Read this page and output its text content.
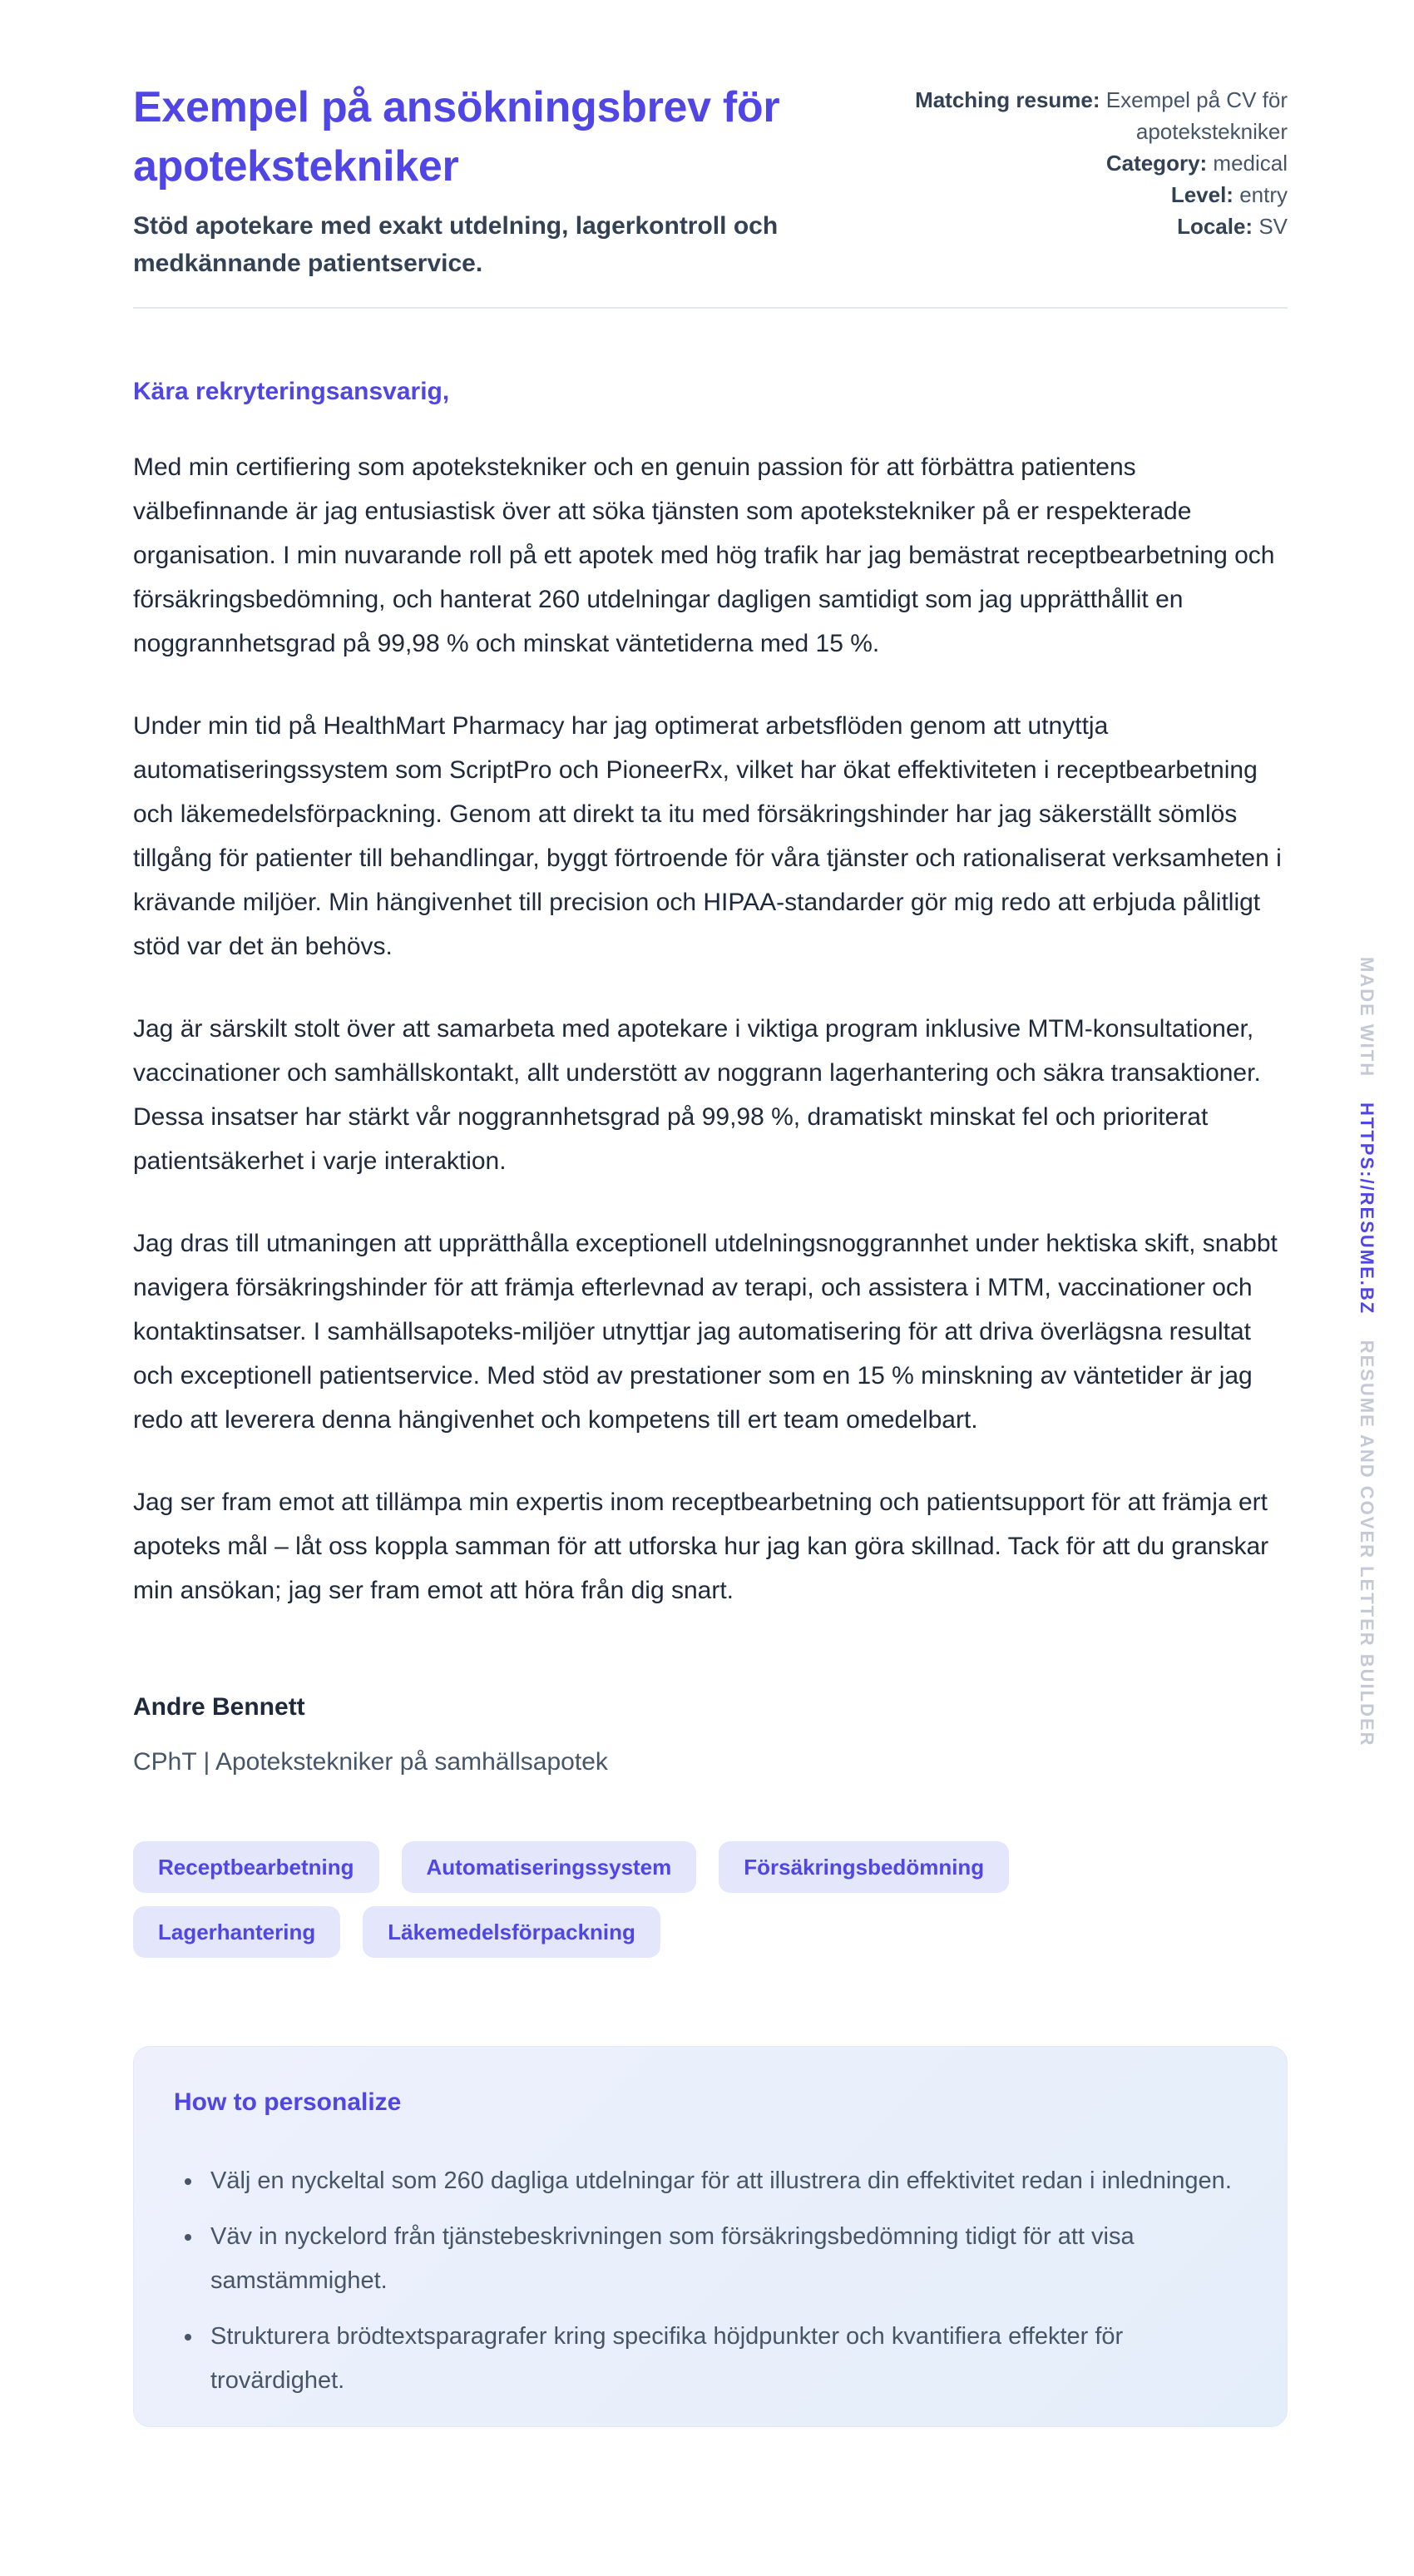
Exempel på ansökningsbrev för apotekstekniker

Stöd apotekare med exakt utdelning, lagerkontroll och medkännande patientservice.

Matching resume: Exempel på CV för apotekstekniker
Category: medical
Level: entry
Locale: SV

Kära rekryteringsansvarig,

Med min certifiering som apotekstekniker och en genuin passion för att förbättra patientens välbefinnande är jag entusiastisk över att söka tjänsten som apotekstekniker på er respekterade organisation. I min nuvarande roll på ett apotek med hög trafik har jag bemästrat receptbearbetning och försäkringsbedömning, och hanterat 260 utdelningar dagligen samtidigt som jag upprätthållit en noggrannhetsgrad på 99,98 % och minskat väntetiderna med 15 %.

Under min tid på HealthMart Pharmacy har jag optimerat arbetsflöden genom att utnyttja automatiseringssystem som ScriptPro och PioneerRx, vilket har ökat effektiviteten i receptbearbetning och läkemedelsförpackning. Genom att direkt ta itu med försäkringshinder har jag säkerställt sömlös tillgång för patienter till behandlingar, byggt förtroende för våra tjänster och rationaliserat verksamheten i krävande miljöer. Min hängivenhet till precision och HIPAA-standarder gör mig redo att erbjuda pålitligt stöd var det än behövs.

Jag är särskilt stolt över att samarbeta med apotekare i viktiga program inklusive MTM-konsultationer, vaccinationer och samhällskontakt, allt understött av noggrann lagerhantering och säkra transaktioner. Dessa insatser har stärkt vår noggrannhetsgrad på 99,98 %, dramatiskt minskat fel och prioriterat patientsäkerhet i varje interaktion.

Jag dras till utmaningen att upprätthålla exceptionell utdelningsnoggrannhet under hektiska skift, snabbt navigera försäkringshinder för att främja efterlevnad av terapi, och assistera i MTM, vaccinationer och kontaktinsatser. I samhällsapoteks-miljöer utnyttjar jag automatisering för att driva överlägsna resultat och exceptionell patientservice. Med stöd av prestationer som en 15 % minskning av väntetider är jag redo att leverera denna hängivenhet och kompetens till ert team omedelbart.

Jag ser fram emot att tillämpa min expertis inom receptbearbetning och patientsupport för att främja ert apoteks mål – låt oss koppla samman för att utforska hur jag kan göra skillnad. Tack för att du granskar min ansökan; jag ser fram emot att höra från dig snart.

Andre Bennett

CPhT | Apotekstekniker på samhällsapotek

Receptbearbetning	Automatiseringssystem	Försäkringsbedömning
Lagerhantering	Läkemedelsförpackning
How to personalize
• Välj en nyckeltal som 260 dagliga utdelningar för att illustrera din effektivitet redan i inledningen.
• Väv in nyckelord från tjänstebeskrivningen som försäkringsbedömning tidigt för att visa samstämmighet.
• Strukturera brödtextsparagrafer kring specifika höjdpunkter och kvantifiera effekter för trovärdighet.
MADE WITH HTTPS://RESUME.BZ RESUME AND COVER LETTER BUILDER
